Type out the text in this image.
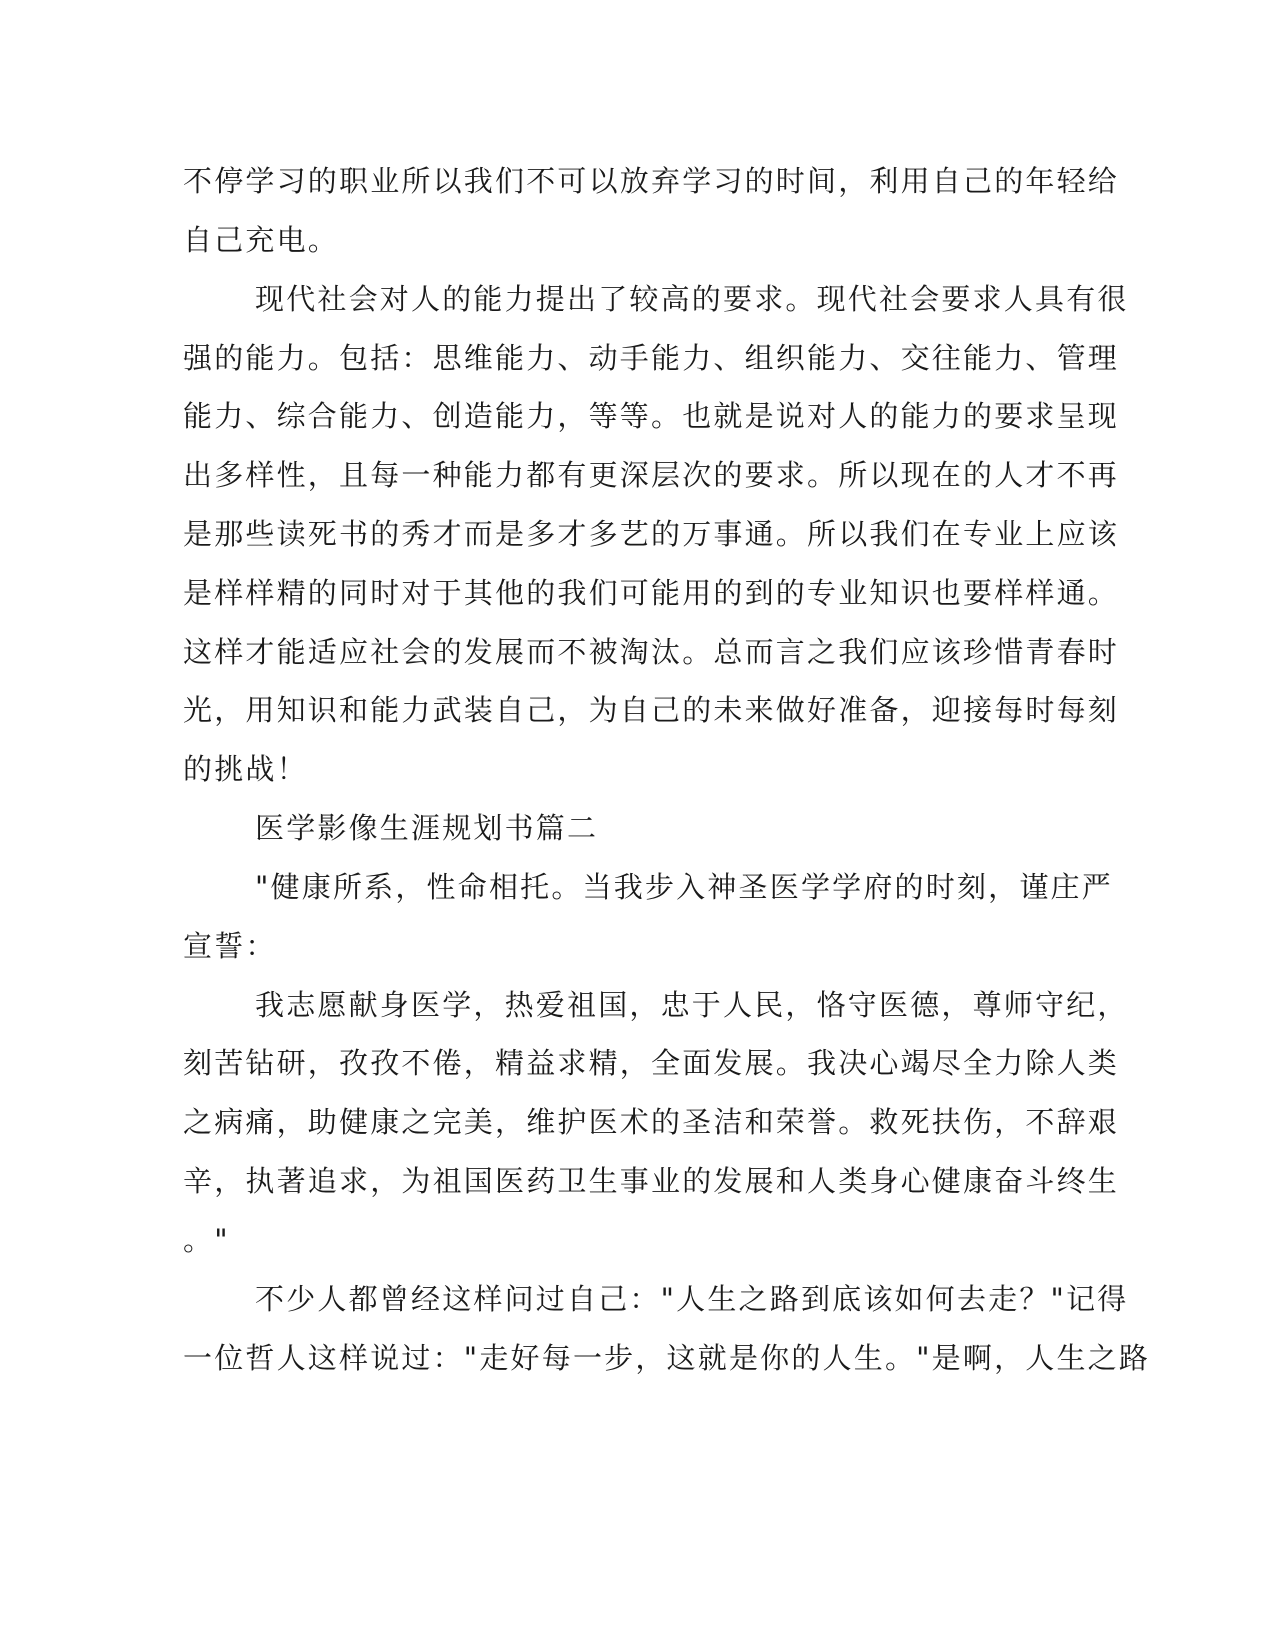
不停学习的职业所以我们不可以放弃学习的时间，利用自己的年轻给
自己充电。
现代社会对人的能力提出了较高的要求。现代社会要求人具有很
强的能力。包括：思维能力、动手能力、组织能力、交往能力、管理
能力、综合能力、创造能力，等等。也就是说对人的能力的要求呈现
出多样性，且每一种能力都有更深层次的要求。所以现在的人才不再
是那些读死书的秀才而是多才多艺的万事通。所以我们在专业上应该
是样样精的同时对于其他的我们可能用的到的专业知识也要样样通。
这样才能适应社会的发展而不被淘汰。总而言之我们应该珍惜青春时
光，用知识和能力武装自己，为自己的未来做好准备，迎接每时每刻
的挑战！
医学影像生涯规划书篇二
"健康所系，性命相托。当我步入神圣医学学府的时刻，谨庄严
宣誓：
我志愿献身医学，热爱祖国，忠于人民，恪守医德，尊师守纪，
刻苦钻研，孜孜不倦，精益求精，全面发展。我决心竭尽全力除人类
之病痛，助健康之完美，维护医术的圣洁和荣誉。救死扶伤，不辞艰
辛，执著追求，为祖国医药卫生事业的发展和人类身心健康奋斗终生
。"
不少人都曾经这样问过自己："人生之路到底该如何去走？"记得
一位哲人这样说过："走好每一步，这就是你的人生。"是啊，人生之路
